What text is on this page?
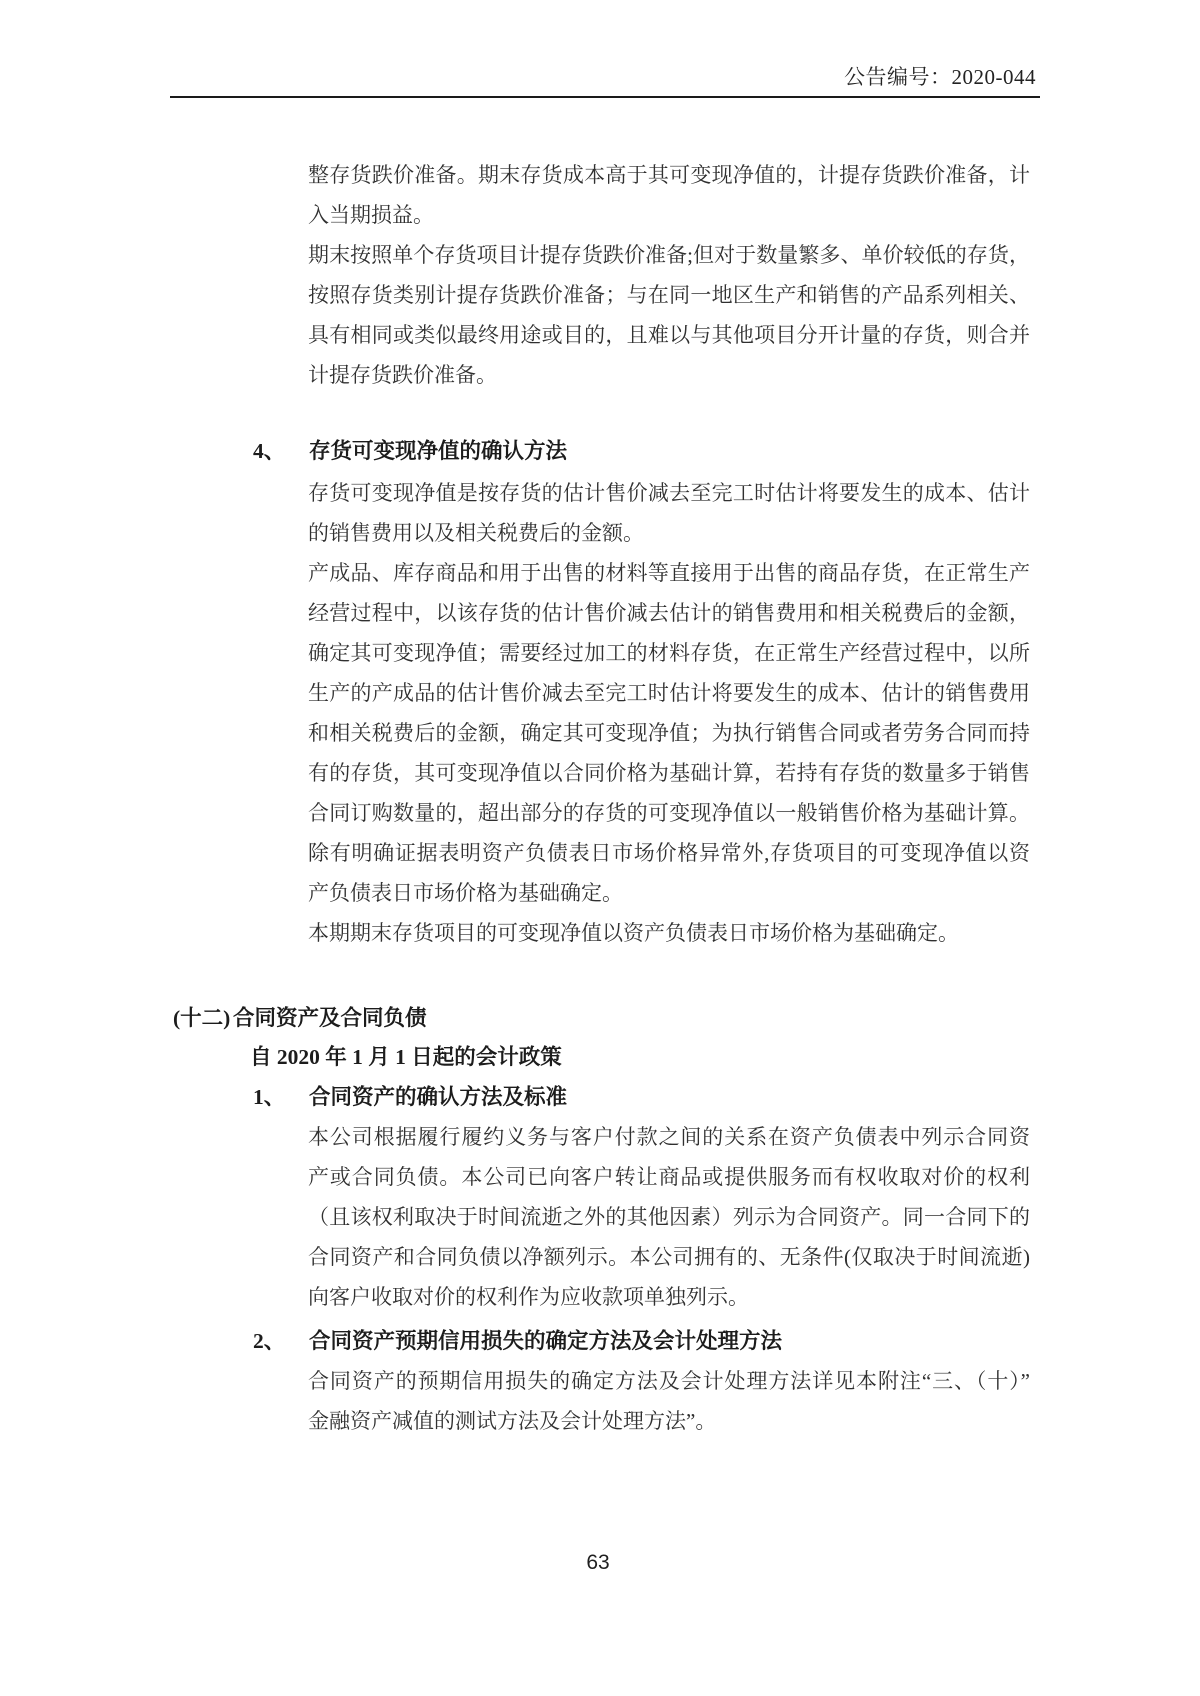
公告编号：2020-044
整存货跌价准备。期末存货成本高于其可变现净值的，计提存货跌价准备，计
入当期损益。
期末按照单个存货项目计提存货跌价准备;但对于数量繁多、单价较低的存货，
按照存货类别计提存货跌价准备；与在同一地区生产和销售的产品系列相关、
具有相同或类似最终用途或目的，且难以与其他项目分开计量的存货，则合并
计提存货跌价准备。
4、 存货可变现净值的确认方法
存货可变现净值是按存货的估计售价减去至完工时估计将要发生的成本、估计
的销售费用以及相关税费后的金额。
产成品、库存商品和用于出售的材料等直接用于出售的商品存货，在正常生产
经营过程中，以该存货的估计售价减去估计的销售费用和相关税费后的金额，
确定其可变现净值；需要经过加工的材料存货，在正常生产经营过程中，以所
生产的产成品的估计售价减去至完工时估计将要发生的成本、估计的销售费用
和相关税费后的金额，确定其可变现净值；为执行销售合同或者劳务合同而持
有的存货，其可变现净值以合同价格为基础计算，若持有存货的数量多于销售
合同订购数量的，超出部分的存货的可变现净值以一般销售价格为基础计算。
除有明确证据表明资产负债表日市场价格异常外,存货项目的可变现净值以资
产负债表日市场价格为基础确定。
本期期末存货项目的可变现净值以资产负债表日市场价格为基础确定。
(十二) 合同资产及合同负债
自 2020 年 1 月 1 日起的会计政策
1、 合同资产的确认方法及标准
本公司根据履行履约义务与客户付款之间的关系在资产负债表中列示合同资
产或合同负债。本公司已向客户转让商品或提供服务而有权收取对价的权利
（且该权利取决于时间流逝之外的其他因素）列示为合同资产。同一合同下的
合同资产和合同负债以净额列示。本公司拥有的、无条件(仅取决于时间流逝)
向客户收取对价的权利作为应收款项单独列示。
2、 合同资产预期信用损失的确定方法及会计处理方法
合同资产的预期信用损失的确定方法及会计处理方法详见本附注“三、（十）”
金融资产减值的测试方法及会计处理方法”。
63
